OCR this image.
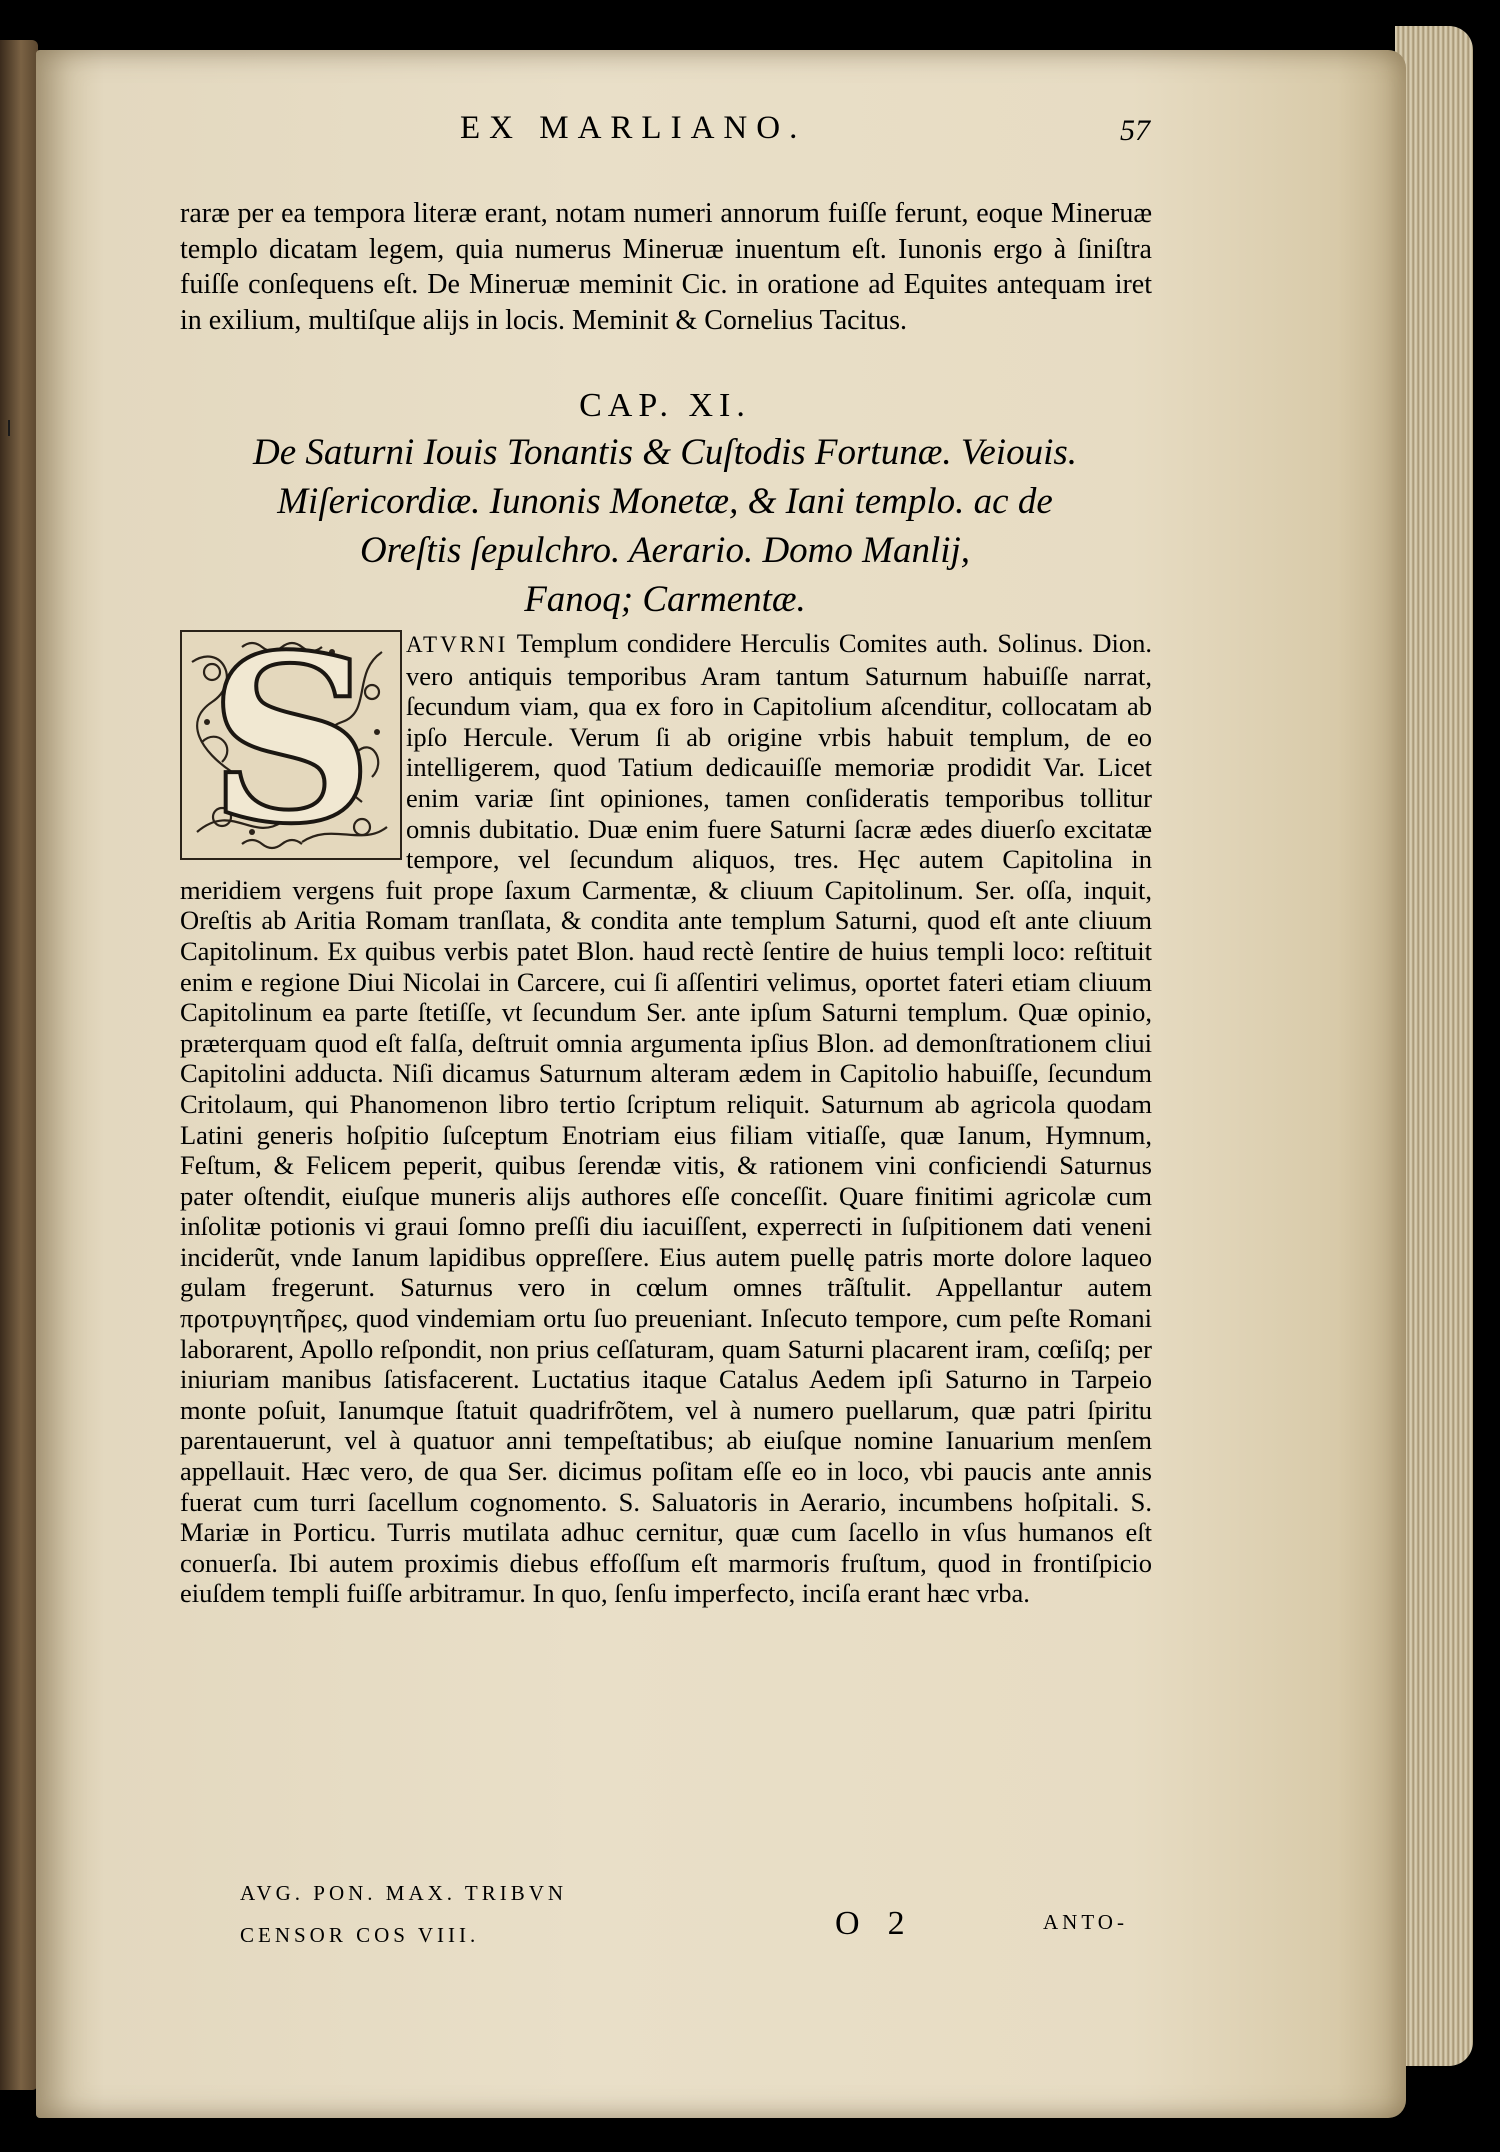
EX MARLIANO.	57
raræ per ea tempora literæ erant, notam numeri annorum fuiſſe ferunt, eoque Mineruæ templo dicatam legem, quia numerus Mineruæ inuentum eſt. Iunonis ergo à ſiniſtra fuiſſe conſequens eſt. De Mineruæ meminit Cic. in oratione ad Equites antequam iret in exilium, multiſque alijs in locis. Meminit & Cornelius Tacitus.
CAP. XI.
De Saturni Iouis Tonantis & Cuſtodis Fortunæ. Veiouis.
Miſericordiæ. Iunonis Monetæ, & Iani templo. ac de
Oreſtis ſepulchro. Aerario. Domo Manlij,
Fanoq; Carmentæ.
ATVRNI Templum condidere Herculis Comites auth. Solinus. Dion. vero antiquis temporibus Aram tantum Saturnum habuiſſe narrat, ſecundum viam, qua ex foro in Capitolium aſcenditur, collocatam ab ipſo Hercule. Verum ſi ab origine vrbis habuit templum, de eo intelligerem, quod Tatium dedicauiſſe memoriæ prodidit Var. Licet enim variæ ſint opiniones, tamen conſideratis temporibus tollitur omnis dubitatio. Duæ enim fuere Saturni ſacræ ædes diuerſo excitatæ tempore, vel ſecundum aliquos, tres. Hęc autem Capitolina in meridiem vergens fuit prope ſaxum Carmentæ, & cliuum Capitolinum. Ser. oſſa, inquit, Oreſtis ab Aritia Romam tranſlata, & condita ante templum Saturni, quod eſt ante cliuum Capitolinum. Ex quibus verbis patet Blon. haud rectè ſentire de huius templi loco: reſtituit enim e regione Diui Nicolai in Carcere, cui ſi aſſentiri velimus, oportet fateri etiam cliuum Capitolinum ea parte ſtetiſſe, vt ſecundum Ser. ante ipſum Saturni templum. Quæ opinio, præterquam quod eſt falſa, deſtruit omnia argumenta ipſius Blon. ad demonſtrationem cliui Capitolini adducta. Niſi dicamus Saturnum alteram ædem in Capitolio habuiſſe, ſecundum Critolaum, qui Phanomenon libro tertio ſcriptum reliquit. Saturnum ab agricola quodam Latini generis hoſpitio ſuſceptum Enotriam eius filiam vitiaſſe, quæ Ianum, Hymnum, Feſtum, & Felicem peperit, quibus ſerendæ vitis, & rationem vini conficiendi Saturnus pater oſtendit, eiuſque muneris alijs authores eſſe conceſſit. Quare finitimi agricolæ cum inſolitæ potionis vi graui ſomno preſſi diu iacuiſſent, experrecti in ſuſpitionem dati veneni inciderũt, vnde Ianum lapidibus oppreſſere. Eius autem puellę patris morte dolore laqueo gulam fregerunt. Saturnus vero in cœlum omnes trãſtulit. Appellantur autem προτρυγητῆρες, quod vindemiam ortu ſuo preueniant. Inſecuto tempore, cum peſte Romani laborarent, Apollo reſpondit, non prius ceſſaturam, quam Saturni placarent iram, cœſiſq; per iniuriam manibus ſatisfacerent. Luctatius itaque Catalus Aedem ipſi Saturno in Tarpeio monte poſuit, Ianumque ſtatuit quadrifrõtem, vel à numero puellarum, quæ patri ſpiritu parentauerunt, vel à quatuor anni tempeſtatibus; ab eiuſque nomine Ianuarium menſem appellauit. Hæc vero, de qua Ser. dicimus poſitam eſſe eo in loco, vbi paucis ante annis fuerat cum turri ſacellum cognomento. S. Saluatoris in Aerario, incumbens hoſpitali. S. Mariæ in Porticu. Turris mutilata adhuc cernitur, quæ cum ſacello in vſus humanos eſt conuerſa. Ibi autem proximis diebus effoſſum eſt marmoris fruſtum, quod in frontiſpicio eiuſdem templi fuiſſe arbitramur. In quo, ſenſu imperfecto, inciſa erant hæc vrba.
S
AVG. PON. MAX. TRIBVN
CENSOR COS VIII.	O 2	ANTO-
